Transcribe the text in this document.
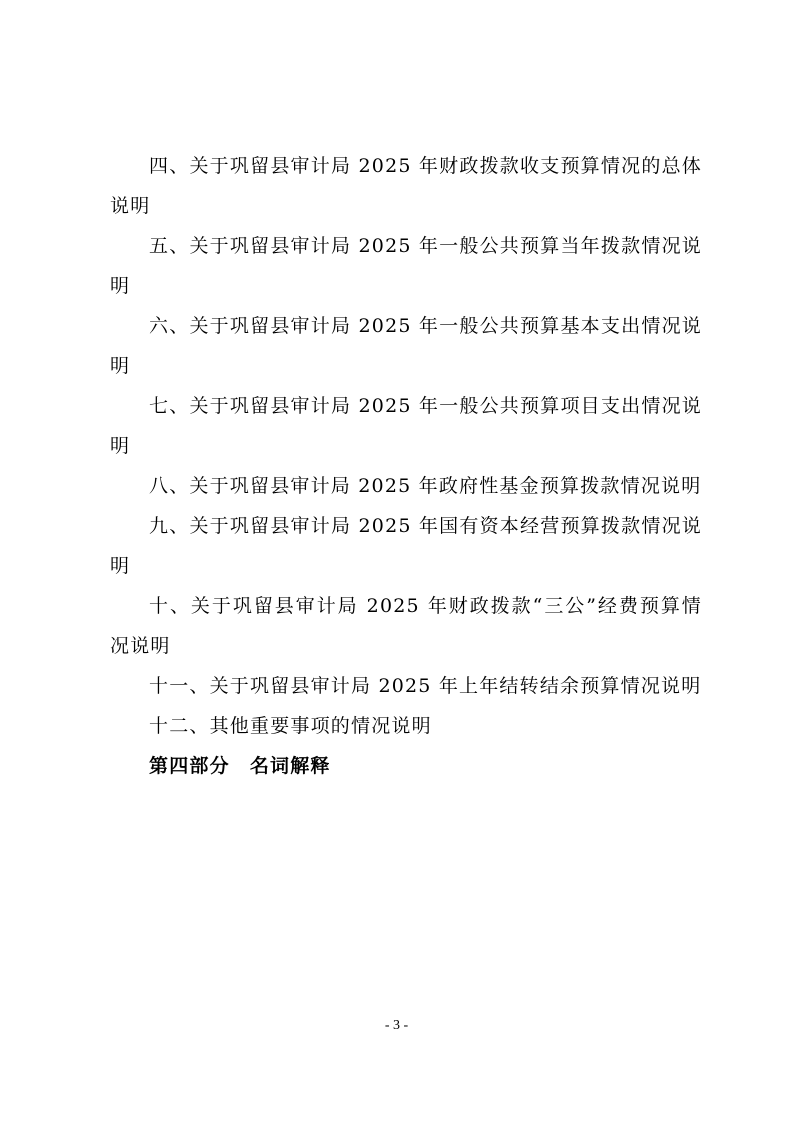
四、关于巩留县审计局 2025 年财政拨款收支预算情况的总体说明

五、关于巩留县审计局 2025 年一般公共预算当年拨款情况说明

六、关于巩留县审计局 2025 年一般公共预算基本支出情况说明

七、关于巩留县审计局 2025 年一般公共预算项目支出情况说明

八、关于巩留县审计局 2025 年政府性基金预算拨款情况说明

九、关于巩留县审计局 2025 年国有资本经营预算拨款情况说明

十、关于巩留县审计局 2025 年财政拨款“三公”经费预算情况说明

十一、关于巩留县审计局 2025 年上年结转结余预算情况说明

十二、其他重要事项的情况说明

第四部分 名词解释

- 3 -
